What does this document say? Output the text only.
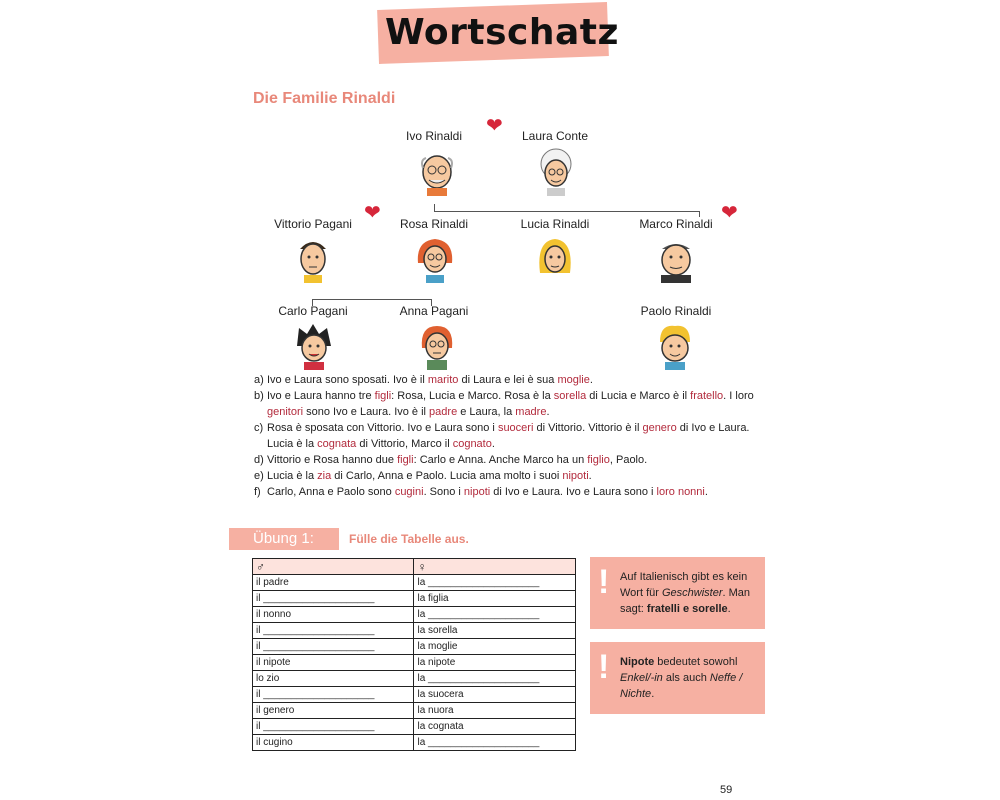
Wortschatz
Die Familie Rinaldi
❤
❤	❤
Ivo Rinaldi	Laura Conte
Vittorio Pagani	Rosa Rinaldi	Lucia Rinaldi	Marco Rinaldi
Carlo Pagani	Anna Pagani	Paolo Rinaldi
a) Ivo e Laura sono sposati. Ivo è il marito di Laura e lei è sua moglie.
b) Ivo e Laura hanno tre figli: Rosa, Lucia e Marco. Rosa è la sorella di Lucia e Marco è il fratello. I loro genitori sono Ivo e Laura. Ivo è il padre e Laura, la madre.
c) Rosa è sposata con Vittorio. Ivo e Laura sono i suoceri di Vittorio. Vittorio è il genero di Ivo e Laura. Lucia è la cognata di Vittorio, Marco il cognato.
d) Vittorio e Rosa hanno due figli: Carlo e Anna. Anche Marco ha un figlio, Paolo.
e) Lucia è la zia di Carlo, Anna e Paolo. Lucia ama molto i suoi nipoti.
f) Carlo, Anna e Paolo sono cugini. Sono i nipoti di Ivo e Laura. Ivo e Laura sono i loro nonni.
Übung 1:	Fülle die Tabelle aus.
♂	♀
il padre	la ____________________
il ____________________	la figlia
il nonno	la ____________________
il ____________________	la sorella
il ____________________	la moglie
il nipote	la nipote
lo zio	la ____________________
il ____________________	la suocera
il genero	la nuora
il ____________________	la cognata
il cugino	la ____________________
! Auf Italienisch gibt es kein Wort für Geschwister. Man sagt: fratelli e sorelle.
! Nipote bedeutet sowohl Enkel/-in als auch Neffe / Nichte.
59
